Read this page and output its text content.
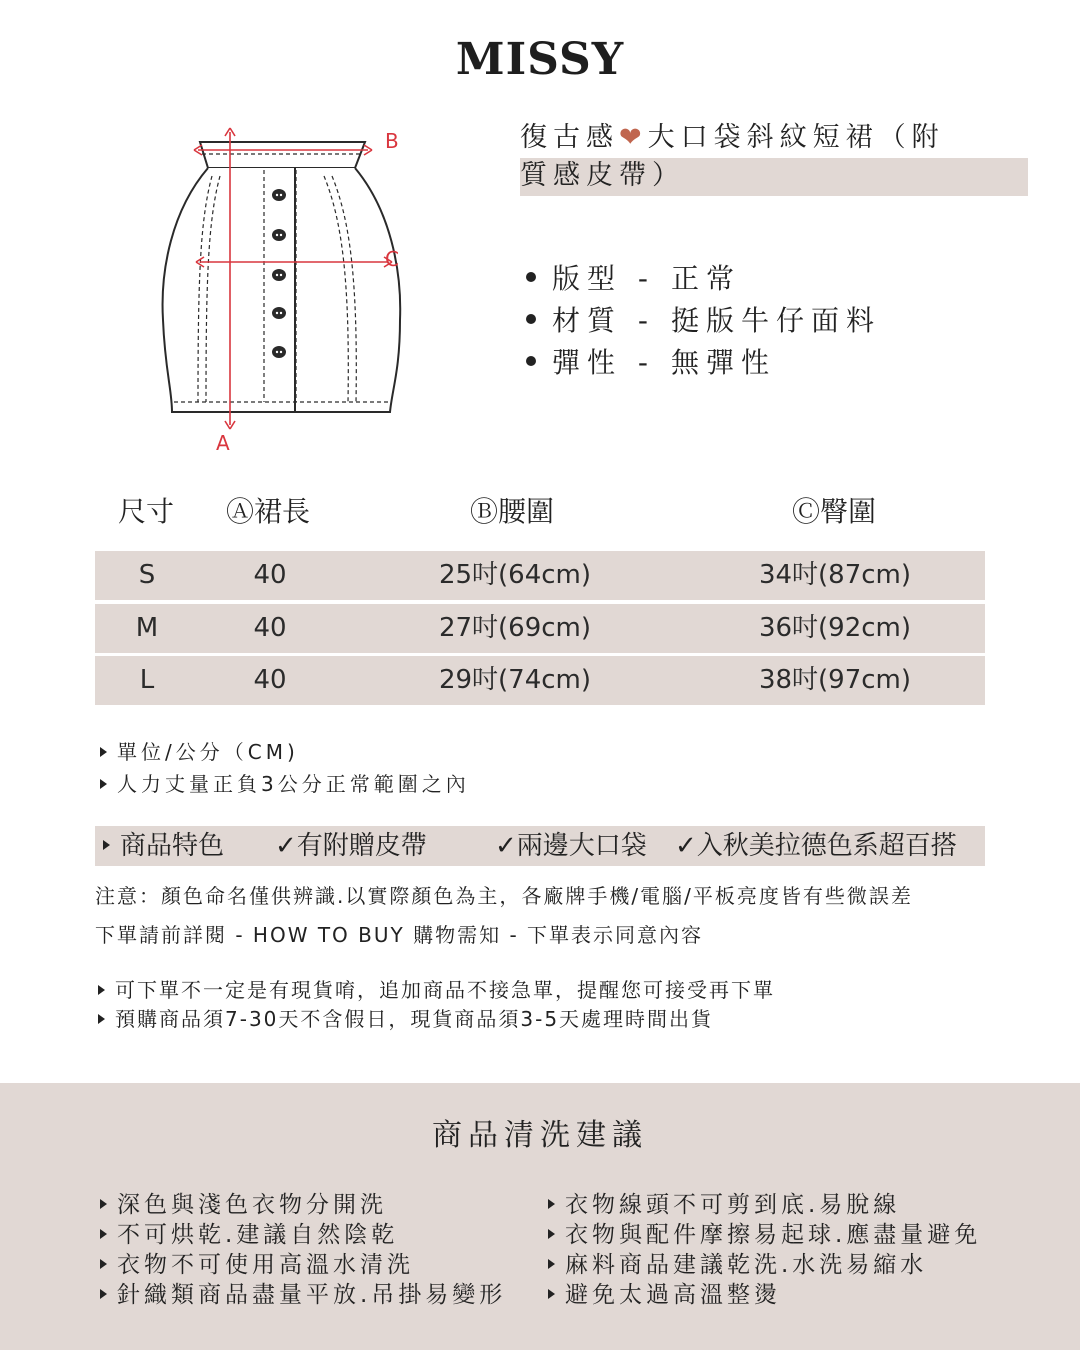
MISSY
B
C
A
復古感❤大口袋斜紋短裙（附
質感皮帶）
版型 - 正常
材質 - 挺版牛仔面料
彈性 - 無彈性
尺寸 Ⓐ裙長	Ⓑ腰圍	Ⓒ臀圍
S	40	25吋(64cm)	34吋(87cm)
M	40	27吋(69cm)	36吋(92cm)
L	40	29吋(74cm)	38吋(97cm)
單位/公分（CM)
人力丈量正負3公分正常範圍之內
商品特色 ✓有附贈皮帶	✓兩邊大口袋 ✓入秋美拉德色系超百搭
注意：顏色命名僅供辨識.以實際顏色為主，各廠牌手機/電腦/平板亮度皆有些微誤差
下單請前詳閱 - HOW TO BUY 購物需知 - 下單表示同意內容
可下單不一定是有現貨唷，追加商品不接急單，提醒您可接受再下單
預購商品須7-30天不含假日，現貨商品須3-5天處理時間出貨
商品清洗建議
深色與淺色衣物分開洗
不可烘乾.建議自然陰乾
衣物不可使用高溫水清洗
針織類商品盡量平放.吊掛易變形
衣物線頭不可剪到底.易脫線
衣物與配件摩擦易起球.應盡量避免
麻料商品建議乾洗.水洗易縮水
避免太過高溫整燙
